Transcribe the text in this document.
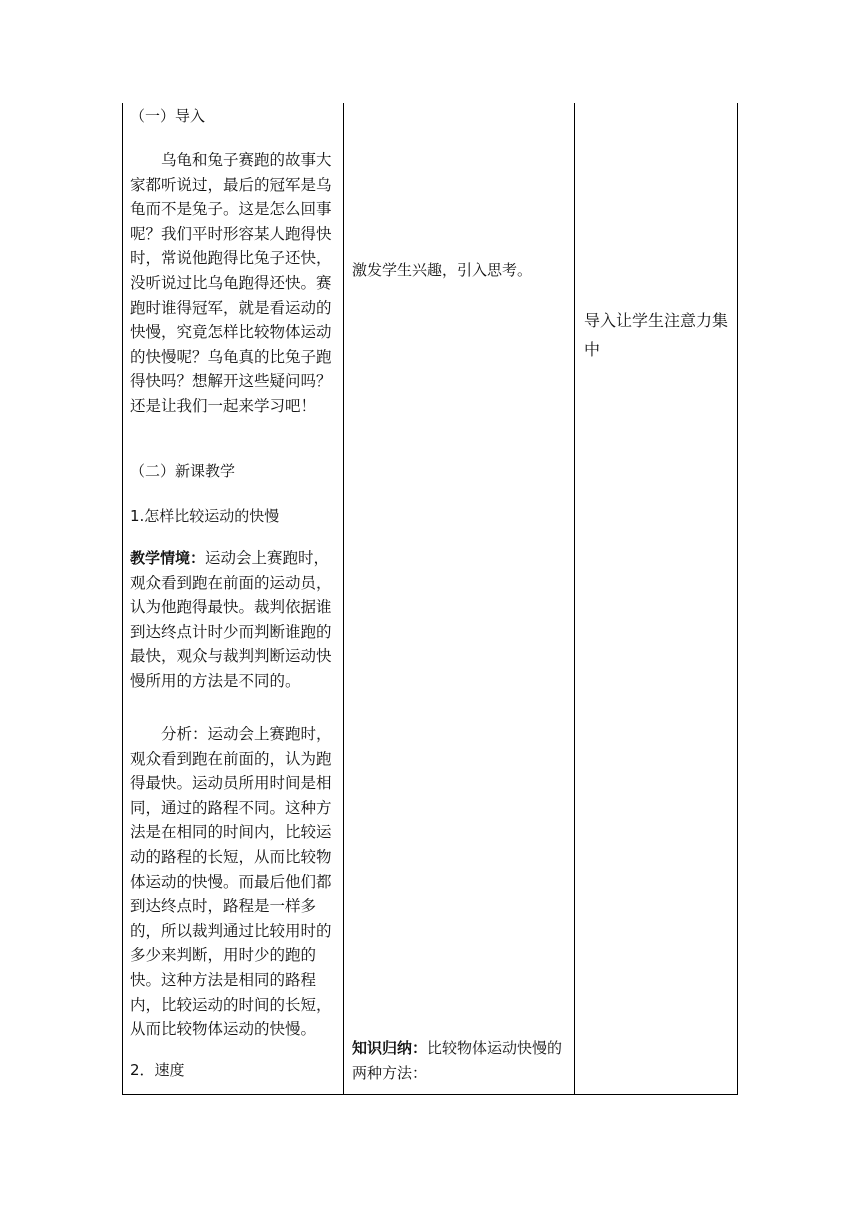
（一）导入

乌龟和兔子赛跑的故事大家都听说过，最后的冠军是乌龟而不是兔子。这是怎么回事呢？我们平时形容某人跑得快时，常说他跑得比兔子还快，没听说过比乌龟跑得还快。赛跑时谁得冠军，就是看运动的快慢，究竟怎样比较物体运动的快慢呢？乌龟真的比兔子跑得快吗？想解开这些疑问吗？还是让我们一起来学习吧！

（二）新课教学

1.怎样比较运动的快慢

教学情境：运动会上赛跑时，观众看到跑在前面的运动员，认为他跑得最快。裁判依据谁到达终点计时少而判断谁跑的最快，观众与裁判判断运动快慢所用的方法是不同的。

分析：运动会上赛跑时，观众看到跑在前面的，认为跑得最快。运动员所用时间是相同，通过的路程不同。这种方法是在相同的时间内，比较运动的路程的长短，从而比较物体运动的快慢。而最后他们都到达终点时，路程是一样多的，所以裁判通过比较用时的多少来判断，用时少的跑的快。这种方法是相同的路程内，比较运动的时间的长短，从而比较物体运动的快慢。

2．速度

激发学生兴趣，引入思考。

知识归纳：比较物体运动快慢的两种方法：

导入让学生注意力集中
